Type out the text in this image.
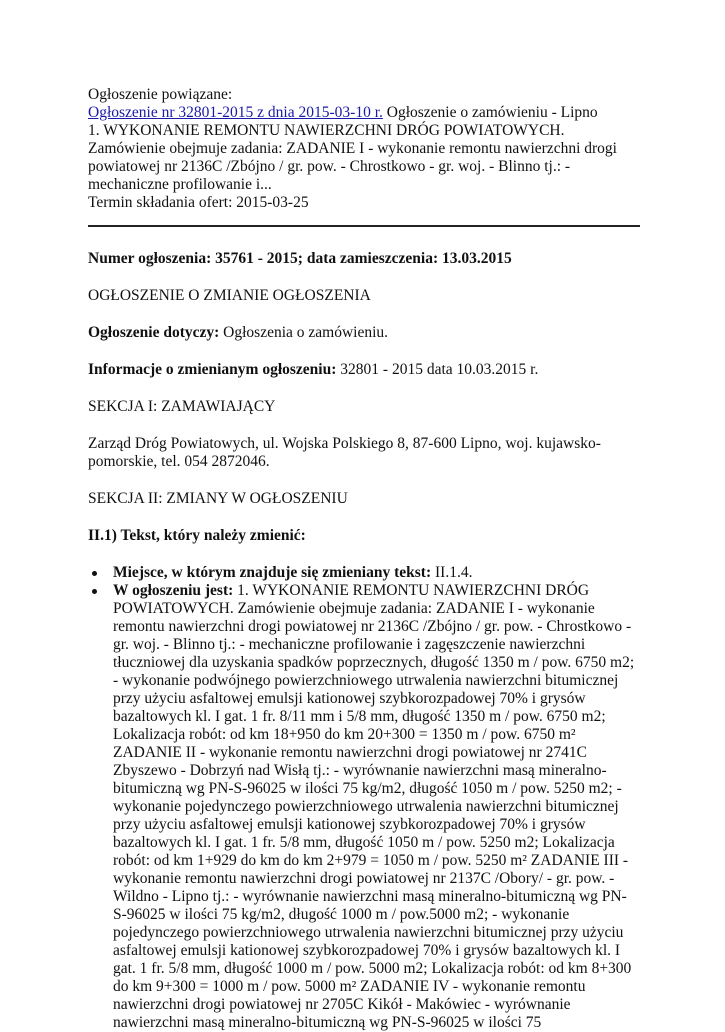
Ogłoszenie powiązane:
Ogłoszenie nr 32801-2015 z dnia 2015-03-10 r. Ogłoszenie o zamówieniu - Lipno
1. WYKONANIE REMONTU NAWIERZCHNI DRÓG POWIATOWYCH. Zamówienie obejmuje zadania: ZADANIE I - wykonanie remontu nawierzchni drogi powiatowej nr 2136C /Zbójno / gr. pow. - Chrostkowo - gr. woj. - Blinno tj.: - mechaniczne profilowanie i...
Termin składania ofert: 2015-03-25

Numer ogłoszenia: 35761 - 2015; data zamieszczenia: 13.03.2015

OGŁOSZENIE O ZMIANIE OGŁOSZENIA

Ogłoszenie dotyczy: Ogłoszenia o zamówieniu.

Informacje o zmienianym ogłoszeniu: 32801 - 2015 data 10.03.2015 r.

SEKCJA I: ZAMAWIAJĄCY

Zarząd Dróg Powiatowych, ul. Wojska Polskiego 8, 87-600 Lipno, woj. kujawsko-pomorskie, tel. 054 2872046.

SEKCJA II: ZMIANY W OGŁOSZENIU

II.1) Tekst, który należy zmienić:

Miejsce, w którym znajduje się zmieniany tekst: II.1.4.
W ogłoszeniu jest: 1. WYKONANIE REMONTU NAWIERZCHNI DRÓG POWIATOWYCH. Zamówienie obejmuje zadania: ZADANIE I - wykonanie remontu nawierzchni drogi powiatowej nr 2136C /Zbójno / gr. pow. - Chrostkowo - gr. woj. - Blinno tj.: - mechaniczne profilowanie i zagęszczenie nawierzchni tłuczniowej dla uzyskania spadków poprzecznych, długość 1350 m / pow. 6750 m2; - wykonanie podwójnego powierzchniowego utrwalenia nawierzchni bitumicznej przy użyciu asfaltowej emulsji kationowej szybkorozpadowej 70% i grysów bazaltowych kl. I gat. 1 fr. 8/11 mm i 5/8 mm, długość 1350 m / pow. 6750 m2; Lokalizacja robót: od km 18+950 do km 20+300 = 1350 m / pow. 6750 m² ZADANIE II - wykonanie remontu nawierzchni drogi powiatowej nr 2741C Zbyszewo - Dobrzyń nad Wisłą tj.: - wyrównanie nawierzchni masą mineralno-bitumiczną wg PN-S-96025 w ilości 75 kg/m2, długość 1050 m / pow. 5250 m2; - wykonanie pojedynczego powierzchniowego utrwalenia nawierzchni bitumicznej przy użyciu asfaltowej emulsji kationowej szybkorozpadowej 70% i grysów bazaltowych kl. I gat. 1 fr. 5/8 mm, długość 1050 m / pow. 5250 m2; Lokalizacja robót: od km 1+929 do km do km 2+979 = 1050 m / pow. 5250 m² ZADANIE III - wykonanie remontu nawierzchni drogi powiatowej nr 2137C /Obory/ - gr. pow. - Wildno - Lipno tj.: - wyrównanie nawierzchni masą mineralno-bitumiczną wg PN-S-96025 w ilości 75 kg/m2, długość 1000 m / pow.5000 m2; - wykonanie pojedynczego powierzchniowego utrwalenia nawierzchni bitumicznej przy użyciu asfaltowej emulsji kationowej szybkorozpadowej 70% i grysów bazaltowych kl. I gat. 1 fr. 5/8 mm, długość 1000 m / pow. 5000 m2; Lokalizacja robót: od km 8+300 do km 9+300 = 1000 m / pow. 5000 m² ZADANIE IV - wykonanie remontu nawierzchni drogi powiatowej nr 2705C Kikół - Makówiec - wyrównanie nawierzchni masą mineralno-bitumiczną wg PN-S-96025 w ilości 75
